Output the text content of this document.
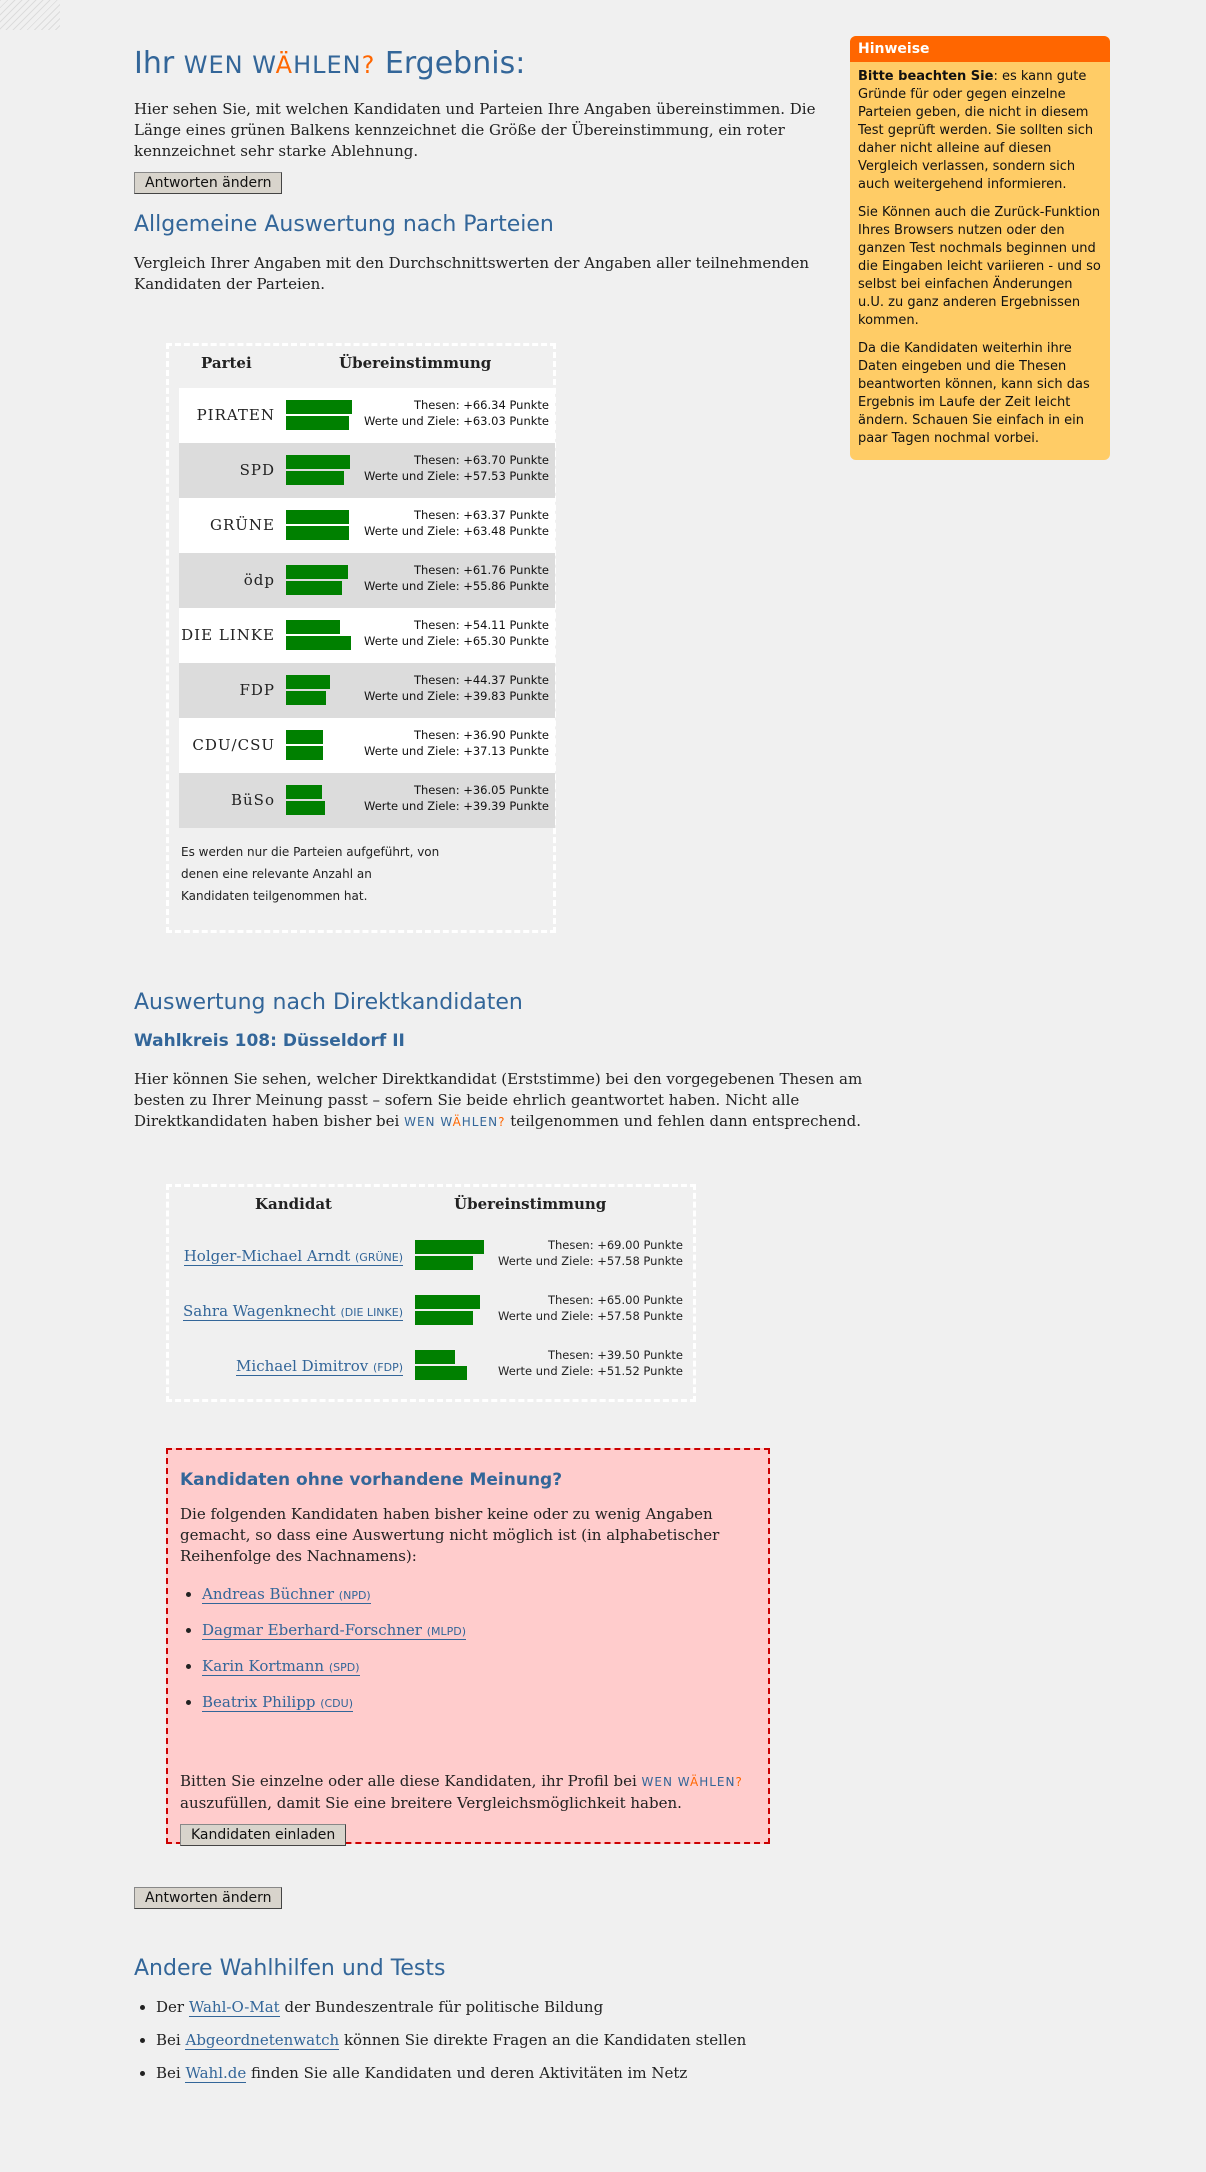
Ihr WEN WÄHLEN? Ergebnis:

Hier sehen Sie, mit welchen Kandidaten und Parteien Ihre Angaben übereinstimmen. Die Länge eines grünen Balkens kennzeichnet die Größe der Übereinstimmung, ein roter kennzeichnet sehr starke Ablehnung.

Antworten ändern
Allgemeine Auswertung nach Parteien

Vergleich Ihrer Angaben mit den Durchschnittswerten der Angaben aller teilnehmenden Kandidaten der Parteien.

Partei	Übereinstimmung
PIRATEN
Thesen: +66.34 Punkte
Werte und Ziele: +63.03 Punkte
SPD
Thesen: +63.70 Punkte
Werte und Ziele: +57.53 Punkte
GRÜNE
Thesen: +63.37 Punkte
Werte und Ziele: +63.48 Punkte
ödp
Thesen: +61.76 Punkte
Werte und Ziele: +55.86 Punkte
DIE LINKE
Thesen: +54.11 Punkte
Werte und Ziele: +65.30 Punkte
FDP
Thesen: +44.37 Punkte
Werte und Ziele: +39.83 Punkte
CDU/CSU
Thesen: +36.90 Punkte
Werte und Ziele: +37.13 Punkte
BüSo
Thesen: +36.05 Punkte
Werte und Ziele: +39.39 Punkte
Es werden nur die Parteien aufgeführt, von denen eine relevante Anzahl an Kandidaten teilgenommen hat.
Auswertung nach Direktkandidaten
Wahlkreis 108: Düsseldorf II

Hier können Sie sehen, welcher Direktkandidat (Erststimme) bei den vorgegebenen Thesen am besten zu Ihrer Meinung passt – sofern Sie beide ehrlich geantwortet haben. Nicht alle Direktkandidaten haben bisher bei WEN WÄHLEN? teilgenommen und fehlen dann entsprechend.

Kandidat	Übereinstimmung
Holger-Michael Arndt (GRÜNE)
Thesen: +69.00 Punkte
Werte und Ziele: +57.58 Punkte
Sahra Wagenknecht (DIE LINKE)
Thesen: +65.00 Punkte
Werte und Ziele: +57.58 Punkte
Michael Dimitrov (FDP)
Thesen: +39.50 Punkte
Werte und Ziele: +51.52 Punkte
Kandidaten ohne vorhandene Meinung?

Die folgenden Kandidaten haben bisher keine oder zu wenig Angaben gemacht, so dass eine Auswertung nicht möglich ist (in alphabetischer Reihenfolge des Nachnamens):

• Andreas Büchner (NPD)
• Dagmar Eberhard-Forschner (MLPD)
• Karin Kortmann (SPD)
• Beatrix Philipp (CDU)

Bitten Sie einzelne oder alle diese Kandidaten, ihr Profil bei WEN WÄHLEN? auszufüllen, damit Sie eine breitere Vergleichsmöglichkeit haben.

Kandidaten einladen
Antworten ändern
Andere Wahlhilfen und Tests
• Der Wahl-O-Mat der Bundeszentrale für politische Bildung
• Bei Abgeordnetenwatch können Sie direkte Fragen an die Kandidaten stellen
• Bei Wahl.de finden Sie alle Kandidaten und deren Aktivitäten im Netz
Hinweise

Bitte beachten Sie: es kann gute Gründe für oder gegen einzelne Parteien geben, die nicht in diesem Test geprüft werden. Sie sollten sich daher nicht alleine auf diesen Vergleich verlassen, sondern sich auch weitergehend informieren.

Sie Können auch die Zurück-Funktion Ihres Browsers nutzen oder den ganzen Test nochmals beginnen und die Eingaben leicht variieren - und so selbst bei einfachen Änderungen u.U. zu ganz anderen Ergebnissen kommen.

Da die Kandidaten weiterhin ihre Daten eingeben und die Thesen beantworten können, kann sich das Ergebnis im Laufe der Zeit leicht ändern. Schauen Sie einfach in ein paar Tagen nochmal vorbei.
